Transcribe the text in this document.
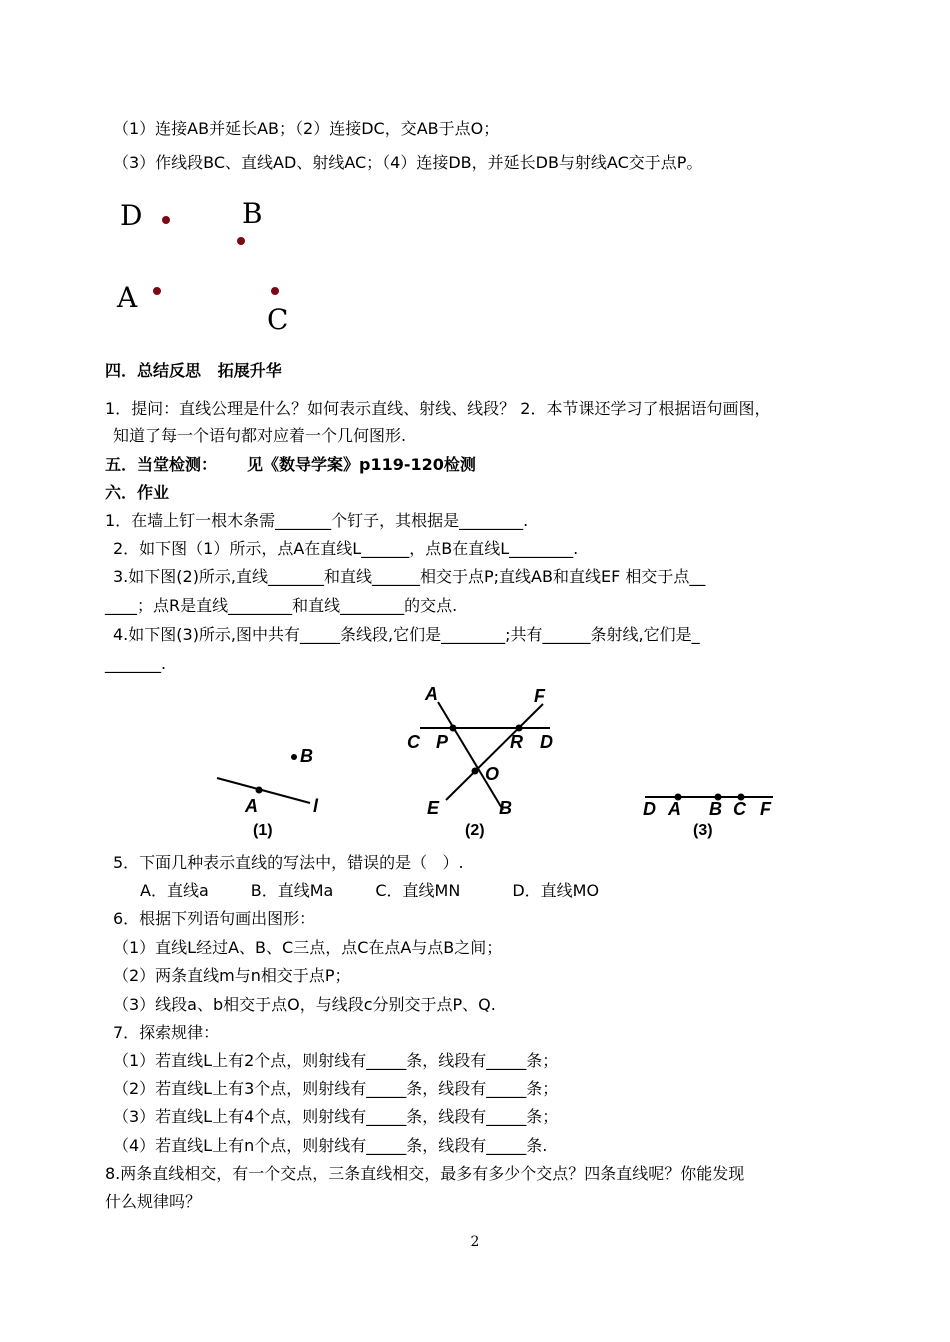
（1）连接AB并延长AB；（2）连接DC，交AB于点O；
（3）作线段BC、直线AD、射线AC；（4）连接DB，并延长DB与射线AC交于点P。
D	B
A
C
四．总结反思   拓展升华
1．提问：直线公理是什么？如何表示直线、射线、线段？ 2．本节课还学习了根据语句画图，
知道了每一个语句都对应着一个几何图形.
五．当堂检测： 见《数导学案》p119-120检测
六．作业
1．在墙上钉一根木条需_______个钉子，其根据是________.
2．如下图（1）所示，点A在直线L______，点B在直线L________.
3.如下图(2)所示,直线_______和直线______相交于点P;直线AB和直线EF 相交于点__
____；点R是直线________和直线________的交点.
4.如下图(3)所示,图中共有_____条线段,它们是________;共有______条射线,它们是_
_______.
B
A	l
(1)
A	F
C P	R D
O
E	B
(2)
D A B C F
(3)
5．下面几种表示直线的写法中，错误的是（   ）.
A．直线a	B．直线Ma	C．直线MN	D．直线MO
6．根据下列语句画出图形：
（1）直线L经过A、B、C三点，点C在点A与点B之间；
（2）两条直线m与n相交于点P；
（3）线段a、b相交于点O，与线段c分别交于点P、Q.
7．探索规律：
（1）若直线L上有2个点，则射线有_____条，线段有_____条；
（2）若直线L上有3个点，则射线有_____条，线段有_____条；
（3）若直线L上有4个点，则射线有_____条，线段有_____条；
（4）若直线L上有n个点，则射线有_____条，线段有_____条.
8.两条直线相交，有一个交点，三条直线相交，最多有多少个交点？四条直线呢？你能发现
什么规律吗？
2
